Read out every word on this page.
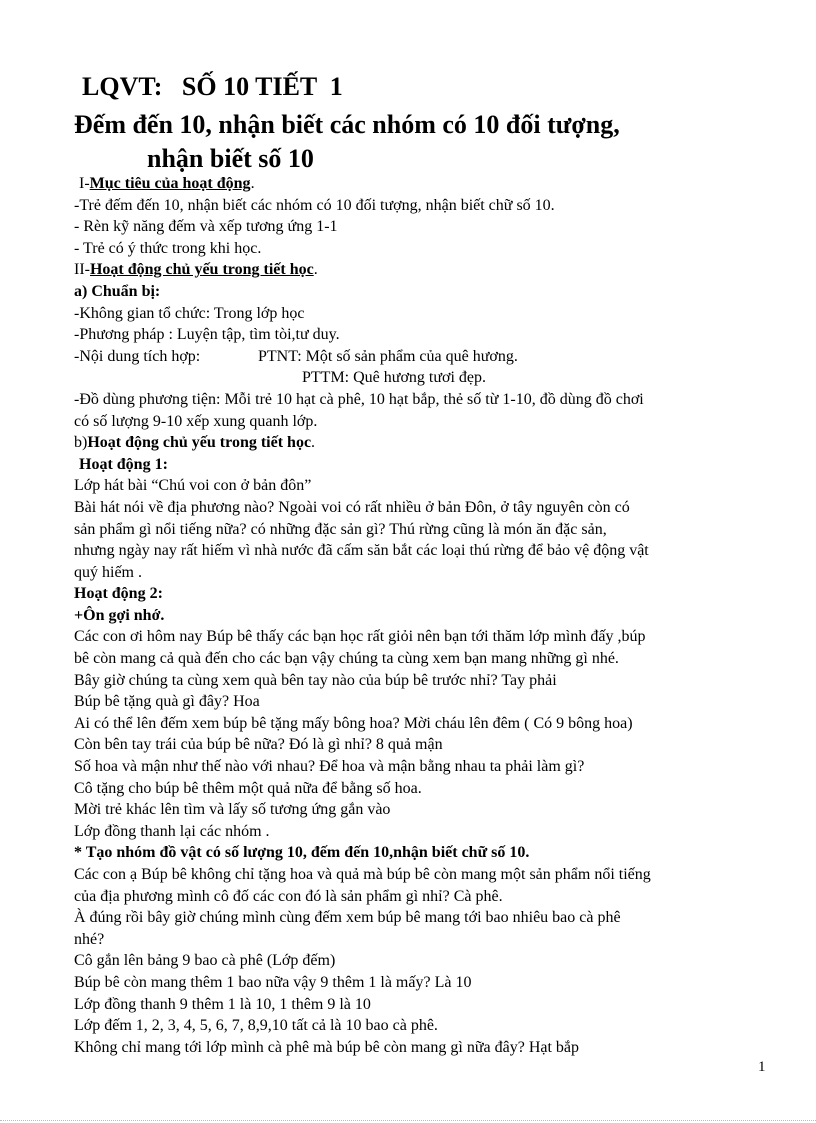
LQVT:   SỐ 10 TIẾT  1
Đếm đến 10, nhận biết các nhóm có 10 đối tượng,
nhận biết số 10

I-Mục tiêu của hoạt động.

-Trẻ đếm đến 10, nhận biết các nhóm có 10 đối tượng, nhận biết chữ số 10.

- Rèn kỹ năng đếm và xếp tương ứng 1-1

- Trẻ có ý thức trong khi học.

II-Hoạt động chủ yếu trong tiết học.

a) Chuẩn bị:

-Không gian tổ chức: Trong lớp học

-Phương pháp : Luyện tập, tìm tòi,tư duy.

-Nội dung tích hợp:	PTNT: Một số sản phẩm của quê hương.

PTTM: Quê hương tươi đẹp.

-Đồ dùng phương tiện: Mỗi trẻ 10 hạt cà phê, 10 hạt bắp, thẻ số từ 1-10, đồ dùng đồ chơi

có số lượng 9-10 xếp xung quanh lớp.

b)Hoạt động chủ yếu trong tiết học.

Hoạt động 1:

Lớp hát bài “Chú voi con ở bản đôn”

Bài hát nói về địa phương nào? Ngoài voi có rất nhiều ở bản Đôn, ở tây nguyên còn có

sản phẩm gì nổi tiếng nữa? có những đặc sản gì? Thú rừng cũng là món ăn đặc sản,

nhưng ngày nay rất hiếm vì nhà nước đã cấm săn bắt các loại thú rừng để bảo vệ động vật

quý hiếm .

Hoạt động 2:

+Ôn gợi nhớ.

Các con ơi hôm nay Búp bê thấy các bạn học rất giỏi nên bạn tới thăm lớp mình đấy ,búp

bê còn mang cả quà đến cho các bạn vậy chúng ta cùng xem bạn mang những gì nhé.

Bây giờ chúng ta cùng xem quà bên tay nào của búp bê trước nhỉ? Tay phải

Búp bê tặng quà gì đây? Hoa

Ai có thể lên đếm xem búp bê tặng mấy bông hoa? Mời cháu lên đêm ( Có 9 bông hoa)

Còn bên tay trái của búp bê nữa? Đó là gì nhỉ? 8 quả mận

Số hoa và mận như thế nào với nhau? Để hoa và mận bằng nhau ta phải làm gì?

Cô tặng cho búp bê thêm một quả nữa để bằng số hoa.

Mời trẻ khác lên tìm và lấy số tương ứng gắn vào

Lớp đồng thanh lại các nhóm .

* Tạo nhóm đồ vật có số lượng 10, đếm đến 10,nhận biết chữ số 10.

Các con ạ Búp bê không chỉ tặng hoa và quả mà búp bê còn mang một sản phẩm nổi tiếng

của địa phương mình cô đố các con đó là sản phẩm gì nhỉ? Cà phê.

À đúng rồi bây giờ chúng mình cùng đếm xem búp bê mang tới bao nhiêu bao cà phê

nhé?

Cô gắn lên bảng 9 bao cà phê (Lớp đếm)

Búp bê còn mang thêm 1 bao nữa vậy 9 thêm 1 là mấy? Là 10

Lớp đồng thanh 9 thêm 1 là 10, 1 thêm 9 là 10

Lớp đếm 1, 2, 3, 4, 5, 6, 7, 8,9,10 tất cả là 10 bao cà phê.

Không chỉ mang tới lớp mình cà phê mà búp bê còn mang gì nữa đây? Hạt bắp

1
